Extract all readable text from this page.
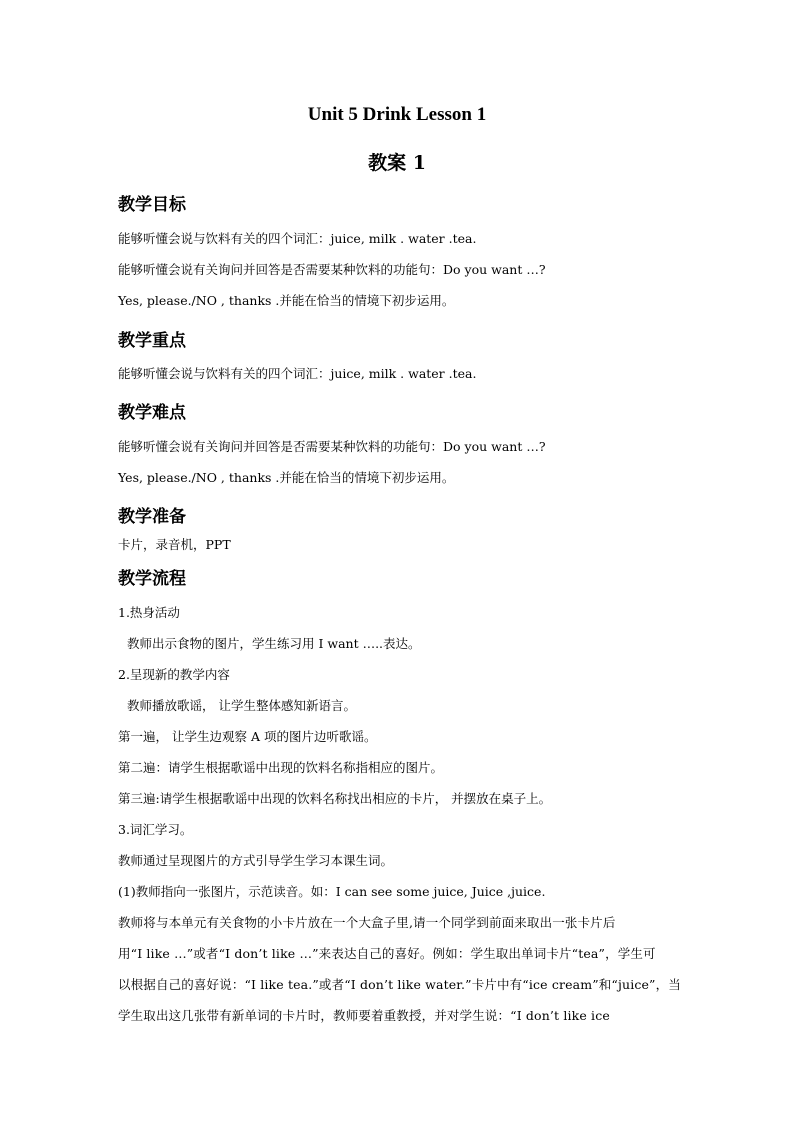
Unit 5 Drink Lesson 1
教案 1
教学目标
能够听懂会说与饮料有关的四个词汇：juice, milk . water .tea.
能够听懂会说有关询问并回答是否需要某种饮料的功能句：Do you want …?
Yes, please./NO , thanks .并能在恰当的情境下初步运用。
教学重点
能够听懂会说与饮料有关的四个词汇：juice, milk . water .tea.
教学难点
能够听懂会说有关询问并回答是否需要某种饮料的功能句：Do you want …?
Yes, please./NO , thanks .并能在恰当的情境下初步运用。
教学准备
卡片，录音机，PPT
教学流程
1.热身活动
教师出示食物的图片，学生练习用 I want …..表达。
2.呈现新的教学内容
教师播放歌谣， 让学生整体感知新语言。
第一遍， 让学生边观察 A 项的图片边听歌谣。
第二遍：请学生根据歌谣中出现的饮料名称指相应的图片。
第三遍:请学生根据歌谣中出现的饮料名称找出相应的卡片， 并摆放在桌子上。
3.词汇学习。
教师通过呈现图片的方式引导学生学习本课生词。
(1)教师指向一张图片，示范读音。如：I can see some juice, Juice ,juice.
教师将与本单元有关食物的小卡片放在一个大盒子里,请一个同学到前面来取出一张卡片后
用“I like …”或者“I don’t like …”来表达自己的喜好。例如：学生取出单词卡片“tea”，学生可
以根据自己的喜好说：“I like tea.”或者“I don’t like water.”卡片中有“ice cream”和“juice”，当
学生取出这几张带有新单词的卡片时，教师要着重教授，并对学生说：“I don’t like ice
